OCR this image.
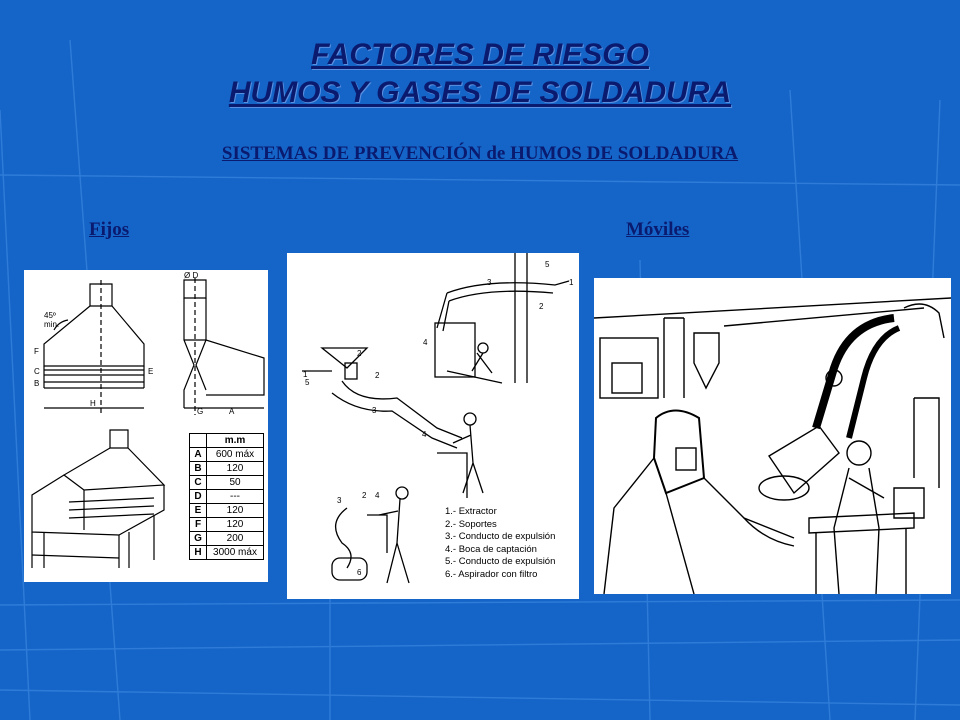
FACTORES DE RIESGO
HUMOS Y GASES DE SOLDADURA
SISTEMAS DE PREVENCIÓN de HUMOS DE SOLDADURA
Fijos	Móviles
45º
min.
Ø D
F
C
B
E
H
G	A
	m.m
A	600 máx
B	120
C	50
D	---
E	120
F	120
G	200
H	3000 máx
5
1
2
3
4
2
1
5
2
3
4
3
2 4
6
1.- Extractor
2.- Soportes
3.- Conducto de expulsión
4.- Boca de captación
5.- Conducto de expulsión
6.- Aspirador con filtro
